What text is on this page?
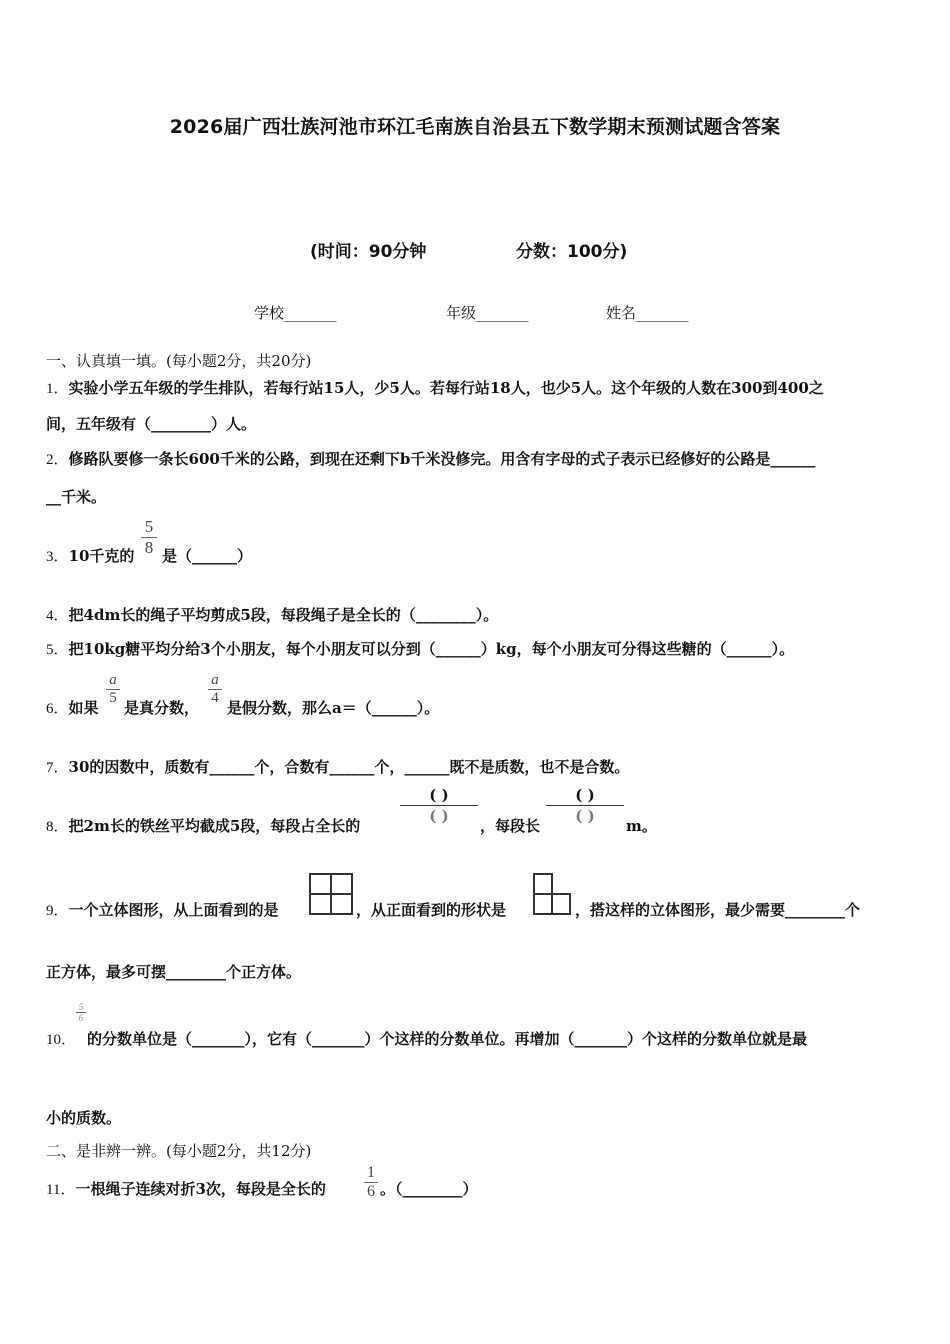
2026届广西壮族河池市环江毛南族自治县五下数学期末预测试题含答案
(时间：90分钟	分数：100分)
学校_______	年级_______	姓名_______
一、认真填一填。(每小题2分，共20分)
1．实验小学五年级的学生排队，若每行站15人，少5人。若每行站18人，也少5人。这个年级的人数在300到400之
间，五年级有（________）人。
2．修路队要修一条长600千米的公路，到现在还剩下b千米没修完。用含有字母的式子表示已经修好的公路是______
__千米。
3．10千克的
5
8 是（______）
4．把4dm长的绳子平均剪成5段，每段绳子是全长的（________）。
5．把10kg糖平均分给3个小朋友，每个小朋友可以分到（______）kg，每个小朋友可分得这些糖的（______）。
6．如果
a
5
是真分数，
a
4
是假分数，那么a＝（______）。
7．30的因数中，质数有______个，合数有______个，______既不是质数，也不是合数。
8．把2m长的铁丝平均截成5段，每段占全长的
( )
( )
，每段长
( )
( )
m。
9．一个立体图形，从上面看到的是	，从正面看到的形状是	，搭这样的立体图形，最少需要________个
正方体，最多可摆________个正方体。
10．
5
6
的分数单位是（_______），它有（_______）个这样的分数单位。再增加（_______）个这样的分数单位就是最
小的质数。
二、是非辨一辨。(每小题2分，共12分)
11．一根绳子连续对折3次，每段是全长的
1
6 。（________）
